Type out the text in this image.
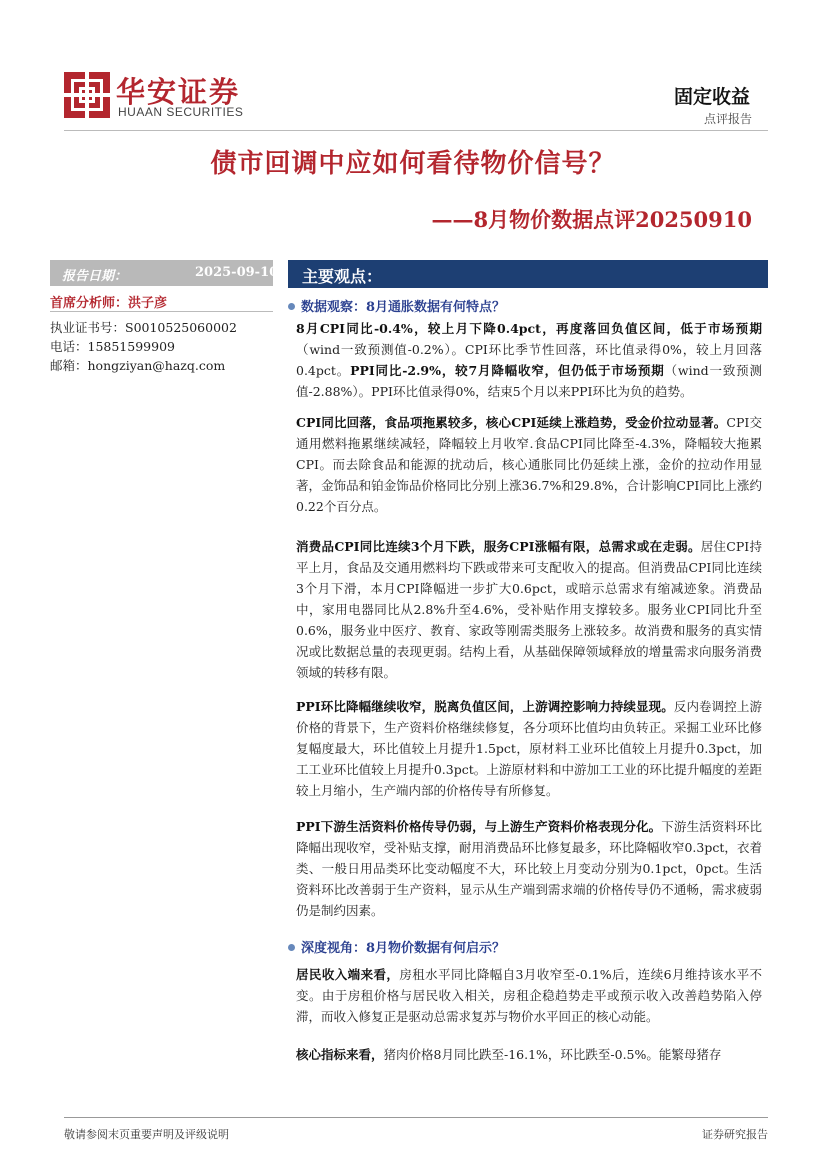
华安证券
HUAAN SECURITIES
固定收益
点评报告
债市回调中应如何看待物价信号？
——8月物价数据点评20250910
报告日期：	2025-09-10
首席分析师：洪子彦
执业证书号：S0010525060002
电话：15851599909
邮箱：hongziyan@hazq.com
主要观点：
数据观察：8月通胀数据有何特点？

8月CPI同比-0.4%，较上月下降0.4pct，再度落回负值区间，低于市场预期（wind一致预测值-0.2%）。CPI环比季节性回落，环比值录得0%，较上月回落0.4pct。PPI同比-2.9%，较7月降幅收窄，但仍低于市场预期（wind一致预测值-2.88%）。PPI环比值录得0%，结束5个月以来PPI环比为负的趋势。

CPI同比回落，食品项拖累较多，核心CPI延续上涨趋势，受金价拉动显著。CPI交通用燃料拖累继续减轻，降幅较上月收窄.食品CPI同比降至-4.3%，降幅较大拖累CPI。而去除食品和能源的扰动后，核心通胀同比仍延续上涨，金价的拉动作用显著，金饰品和铂金饰品价格同比分别上涨36.7%和29.8%，合计影响CPI同比上涨约0.22个百分点。

消费品CPI同比连续3个月下跌，服务CPI涨幅有限，总需求或在走弱。居住CPI持平上月，食品及交通用燃料均下跌或带来可支配收入的提高。但消费品CPI同比连续3个月下滑，本月CPI降幅进一步扩大0.6pct，或暗示总需求有缩减迹象。消费品中，家用电器同比从2.8%升至4.6%，受补贴作用支撑较多。服务业CPI同比升至0.6%，服务业中医疗、教育、家政等刚需类服务上涨较多。故消费和服务的真实情况或比数据总量的表现更弱。结构上看，从基础保障领域释放的增量需求向服务消费领域的转移有限。

PPI环比降幅继续收窄，脱离负值区间，上游调控影响力持续显现。反内卷调控上游价格的背景下，生产资料价格继续修复，各分项环比值均由负转正。采掘工业环比修复幅度最大，环比值较上月提升1.5pct，原材料工业环比值较上月提升0.3pct，加工工业环比值较上月提升0.3pct。上游原材料和中游加工工业的环比提升幅度的差距较上月缩小，生产端内部的价格传导有所修复。

PPI下游生活资料价格传导仍弱，与上游生产资料价格表现分化。下游生活资料环比降幅出现收窄，受补贴支撑，耐用消费品环比修复最多，环比降幅收窄0.3pct，衣着类、一般日用品类环比变动幅度不大，环比较上月变动分别为0.1pct，0pct。生活资料环比改善弱于生产资料，显示从生产端到需求端的价格传导仍不通畅，需求疲弱仍是制约因素。

深度视角：8月物价数据有何启示？

居民收入端来看，房租水平同比降幅自3月收窄至-0.1%后，连续6月维持该水平不变。由于房租价格与居民收入相关，房租企稳趋势走平或预示收入改善趋势陷入停滞，而收入修复正是驱动总需求复苏与物价水平回正的核心动能。

核心指标来看，猪肉价格8月同比跌至-16.1%，环比跌至-0.5%。能繁母猪存

敬请参阅末页重要声明及评级说明	证券研究报告
